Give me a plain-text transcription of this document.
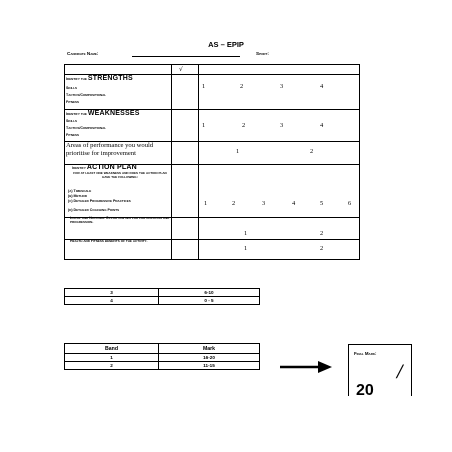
AS – EPIP
Candidate Name:	Sport:
√
Identify the STRENGTHS
Skills
Tactics/Compositional
Fitness
1	2	3	4
Identify the WEAKNESSES
Skills
Tactics/Compositional
Fitness
1	2	3	4
Areas of performance you would prioritise for improvement	1	2
Identify ACTION PLAN
for at least one weakness and does the action plan have the following:
(a) Timescale
(b) Method
(c) Detailed Progressive Practices
(d) Detailed Coaching Points
1	2	3	4	5	6
Local and National Opportunities for participation and progression.
1	2
Health and Fitness benefits of the activity.
1	2
3	6-10
4	0 - 5
Band	Mark
1	16-20
2	11-15
Final Mark:
/
20
